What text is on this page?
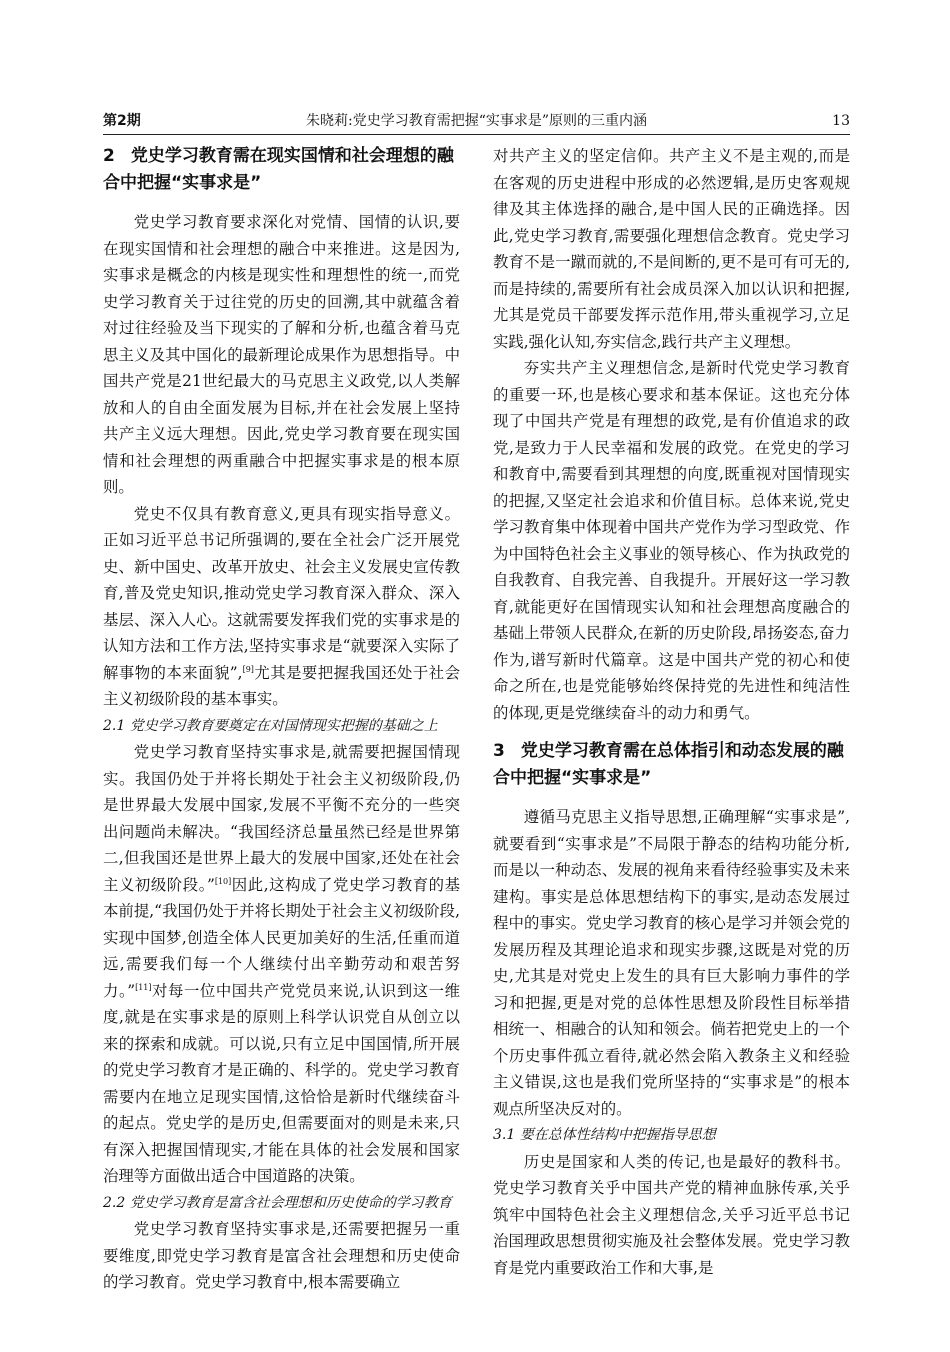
第2期	朱晓莉:党史学习教育需把握“实事求是”原则的三重内涵	13
2 党史学习教育需在现实国情和社会理想的融合中把握“实事求是”

党史学习教育要求深化对党情、国情的认识,要在现实国情和社会理想的融合中来推进。这是因为,实事求是概念的内核是现实性和理想性的统一,而党史学习教育关于过往党的历史的回溯,其中就蕴含着对过往经验及当下现实的了解和分析,也蕴含着马克思主义及其中国化的最新理论成果作为思想指导。中国共产党是21世纪最大的马克思主义政党,以人类解放和人的自由全面发展为目标,并在社会发展上坚持共产主义远大理想。因此,党史学习教育要在现实国情和社会理想的两重融合中把握实事求是的根本原则。

党史不仅具有教育意义,更具有现实指导意义。正如习近平总书记所强调的,要在全社会广泛开展党史、新中国史、改革开放史、社会主义发展史宣传教育,普及党史知识,推动党史学习教育深入群众、深入基层、深入人心。这就需要发挥我们党的实事求是的认知方法和工作方法,坚持实事求是“就要深入实际了解事物的本来面貌”,[9]尤其是要把握我国还处于社会主义初级阶段的基本事实。

2.1 党史学习教育要奠定在对国情现实把握的基础之上

党史学习教育坚持实事求是,就需要把握国情现实。我国仍处于并将长期处于社会主义初级阶段,仍是世界最大发展中国家,发展不平衡不充分的一些突出问题尚未解决。“我国经济总量虽然已经是世界第二,但我国还是世界上最大的发展中国家,还处在社会主义初级阶段。”[10]因此,这构成了党史学习教育的基本前提,“我国仍处于并将长期处于社会主义初级阶段,实现中国梦,创造全体人民更加美好的生活,任重而道远,需要我们每一个人继续付出辛勤劳动和艰苦努力。”[11]对每一位中国共产党党员来说,认识到这一维度,就是在实事求是的原则上科学认识党自从创立以来的探索和成就。可以说,只有立足中国国情,所开展的党史学习教育才是正确的、科学的。党史学习教育需要内在地立足现实国情,这恰恰是新时代继续奋斗的起点。党史学的是历史,但需要面对的则是未来,只有深入把握国情现实,才能在具体的社会发展和国家治理等方面做出适合中国道路的决策。

2.2 党史学习教育是富含社会理想和历史使命的学习教育

党史学习教育坚持实事求是,还需要把握另一重要维度,即党史学习教育是富含社会理想和历史使命的学习教育。党史学习教育中,根本需要确立

对共产主义的坚定信仰。共产主义不是主观的,而是在客观的历史进程中形成的必然逻辑,是历史客观规律及其主体选择的融合,是中国人民的正确选择。因此,党史学习教育,需要强化理想信念教育。党史学习教育不是一蹴而就的,不是间断的,更不是可有可无的,而是持续的,需要所有社会成员深入加以认识和把握,尤其是党员干部要发挥示范作用,带头重视学习,立足实践,强化认知,夯实信念,践行共产主义理想。

夯实共产主义理想信念,是新时代党史学习教育的重要一环,也是核心要求和基本保证。这也充分体现了中国共产党是有理想的政党,是有价值追求的政党,是致力于人民幸福和发展的政党。在党史的学习和教育中,需要看到其理想的向度,既重视对国情现实的把握,又坚定社会追求和价值目标。总体来说,党史学习教育集中体现着中国共产党作为学习型政党、作为中国特色社会主义事业的领导核心、作为执政党的自我教育、自我完善、自我提升。开展好这一学习教育,就能更好在国情现实认知和社会理想高度融合的基础上带领人民群众,在新的历史阶段,昂扬姿态,奋力作为,谱写新时代篇章。这是中国共产党的初心和使命之所在,也是党能够始终保持党的先进性和纯洁性的体现,更是党继续奋斗的动力和勇气。

3 党史学习教育需在总体指引和动态发展的融合中把握“实事求是”

遵循马克思主义指导思想,正确理解“实事求是”,就要看到“实事求是”不局限于静态的结构功能分析,而是以一种动态、发展的视角来看待经验事实及未来建构。事实是总体思想结构下的事实,是动态发展过程中的事实。党史学习教育的核心是学习并领会党的发展历程及其理论追求和现实步骤,这既是对党的历史,尤其是对党史上发生的具有巨大影响力事件的学习和把握,更是对党的总体性思想及阶段性目标举措相统一、相融合的认知和领会。倘若把党史上的一个个历史事件孤立看待,就必然会陷入教条主义和经验主义错误,这也是我们党所坚持的“实事求是”的根本观点所坚决反对的。

3.1 要在总体性结构中把握指导思想

历史是国家和人类的传记,也是最好的教科书。党史学习教育关乎中国共产党的精神血脉传承,关乎筑牢中国特色社会主义理想信念,关乎习近平总书记治国理政思想贯彻实施及社会整体发展。党史学习教育是党内重要政治工作和大事,是
